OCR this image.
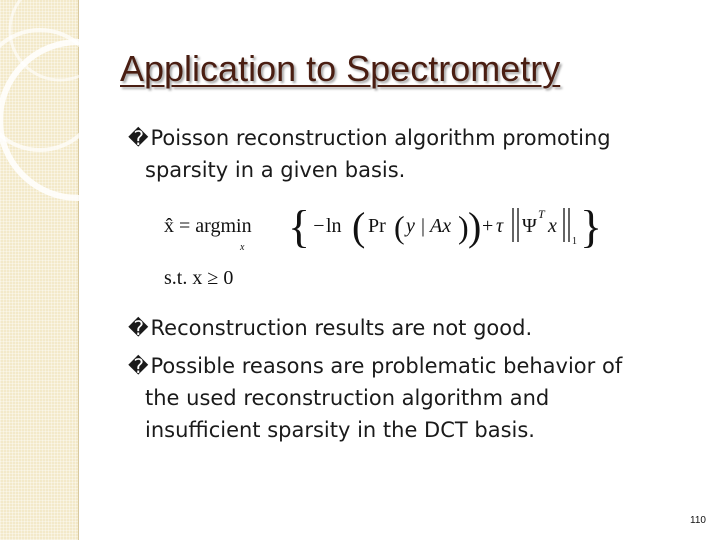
Application to Spectrometry
�Poisson reconstruction algorithm promoting
sparsity in a given basis.
x̂ = argmin
x { − ln ( Pr ( y | Ax ) ) + τ Ψ
T
x
1 }
s.t. x ≥ 0
�Reconstruction results are not good.
�Possible reasons are problematic behavior of
the used reconstruction algorithm and
insufficient sparsity in the DCT basis.
110
